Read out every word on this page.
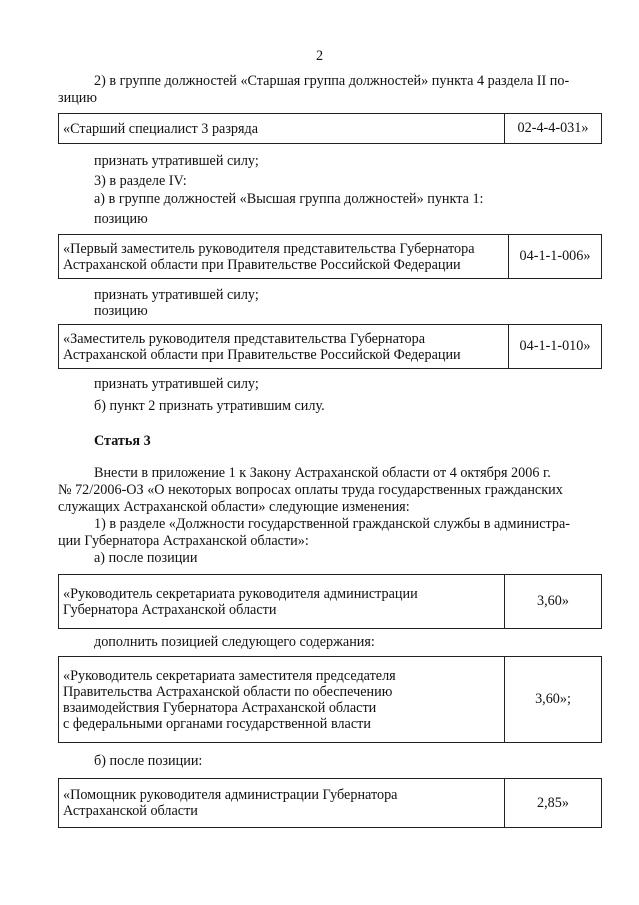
2
2) в группе должностей «Старшая группа должностей» пункта 4 раздела II по-
зицию
«Старший специалист 3 разряда	02-4-4-031»
признать утратившей силу;
3) в разделе IV:
а) в группе должностей «Высшая группа должностей» пункта 1:
позицию
«Первый заместитель руководителя представительства Губернатора
Астраханской области при Правительстве Российской Федерации
04-1-1-006»
признать утратившей силу;
позицию
«Заместитель руководителя представительства Губернатора
Астраханской области при Правительстве Российской Федерации
04-1-1-010»
признать утратившей силу;
б) пункт 2 признать утратившим силу.
Статья 3
Внести в приложение 1 к Закону Астраханской области от 4 октября 2006 г.
№ 72/2006-ОЗ «О некоторых вопросах оплаты труда государственных гражданских
служащих Астраханской области» следующие изменения:
1) в разделе «Должности государственной гражданской службы в администра-
ции Губернатора Астраханской области»:
а) после позиции
«Руководитель секретариата руководителя администрации
Губернатора Астраханской области
3,60»
дополнить позицией следующего содержания:
«Руководитель секретариата заместителя председателя
Правительства Астраханской области по обеспечению
взаимодействия Губернатора Астраханской области
с федеральными органами государственной власти
3,60»;
б) после позиции:
«Помощник руководителя администрации Губернатора
Астраханской области
2,85»
